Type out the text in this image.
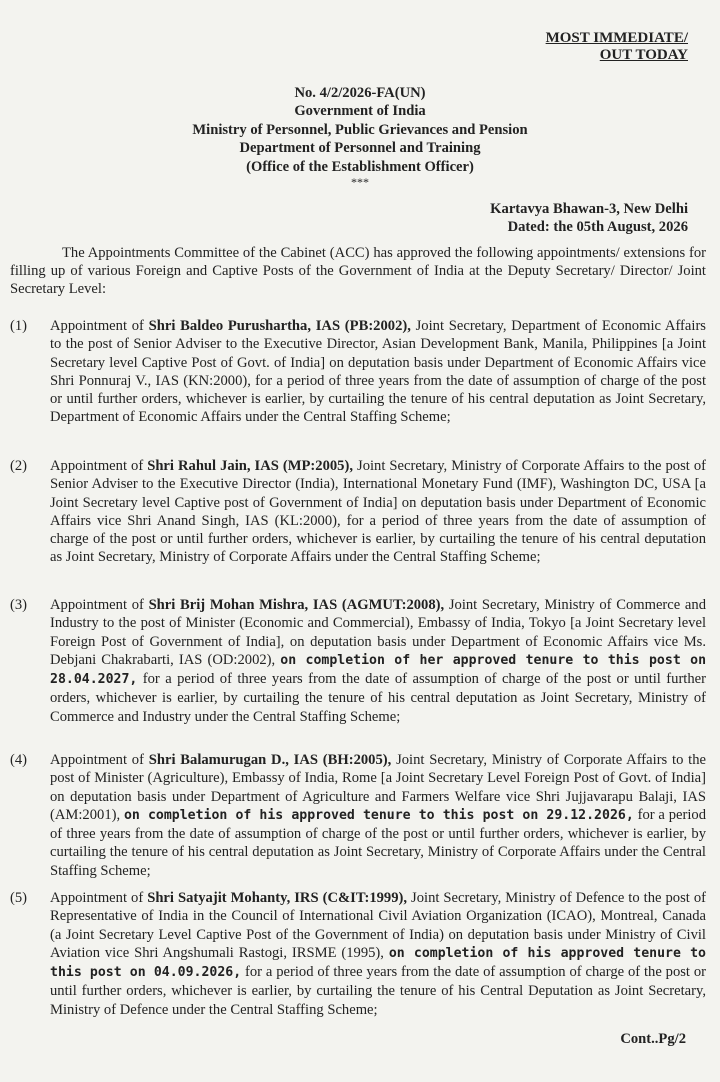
MOST IMMEDIATE/
OUT TODAY
No. 4/2/2026-FA(UN)
Government of India
Ministry of Personnel, Public Grievances and Pension
Department of Personnel and Training
(Office of the Establishment Officer)
***
Kartavya Bhawan-3, New Delhi
Dated: the 05th August, 2026
The Appointments Committee of the Cabinet (ACC) has approved the following appointments/ extensions for filling up of various Foreign and Captive Posts of the Government of India at the Deputy Secretary/ Director/ Joint Secretary Level:
(1)	Appointment of Shri Baldeo Purushartha, IAS (PB:2002), Joint Secretary, Department of Economic Affairs to the post of Senior Adviser to the Executive Director, Asian Development Bank, Manila, Philippines [a Joint Secretary level Captive Post of Govt. of India] on deputation basis under Department of Economic Affairs vice Shri Ponnuraj V., IAS (KN:2000), for a period of three years from the date of assumption of charge of the post or until further orders, whichever is earlier, by curtailing the tenure of his central deputation as Joint Secretary, Department of Economic Affairs under the Central Staffing Scheme;
(2)	Appointment of Shri Rahul Jain, IAS (MP:2005), Joint Secretary, Ministry of Corporate Affairs to the post of Senior Adviser to the Executive Director (India), International Monetary Fund (IMF), Washington DC, USA [a Joint Secretary level Captive post of Government of India] on deputation basis under Department of Economic Affairs vice Shri Anand Singh, IAS (KL:2000), for a period of three years from the date of assumption of charge of the post or until further orders, whichever is earlier, by curtailing the tenure of his central deputation as Joint Secretary, Ministry of Corporate Affairs under the Central Staffing Scheme;
(3)	Appointment of Shri Brij Mohan Mishra, IAS (AGMUT:2008), Joint Secretary, Ministry of Commerce and Industry to the post of Minister (Economic and Commercial), Embassy of India, Tokyo [a Joint Secretary level Foreign Post of Government of India], on deputation basis under Department of Economic Affairs vice Ms. Debjani Chakrabarti, IAS (OD:2002), on completion of her approved tenure to this post on 28.04.2027, for a period of three years from the date of assumption of charge of the post or until further orders, whichever is earlier, by curtailing the tenure of his central deputation as Joint Secretary, Ministry of Commerce and Industry under the Central Staffing Scheme;
(4)	Appointment of Shri Balamurugan D., IAS (BH:2005), Joint Secretary, Ministry of Corporate Affairs to the post of Minister (Agriculture), Embassy of India, Rome [a Joint Secretary Level Foreign Post of Govt. of India] on deputation basis under Department of Agriculture and Farmers Welfare vice Shri Jujjavarapu Balaji, IAS (AM:2001), on completion of his approved tenure to this post on 29.12.2026, for a period of three years from the date of assumption of charge of the post or until further orders, whichever is earlier, by curtailing the tenure of his central deputation as Joint Secretary, Ministry of Corporate Affairs under the Central Staffing Scheme;
(5)	Appointment of Shri Satyajit Mohanty, IRS (C&IT:1999), Joint Secretary, Ministry of Defence to the post of Representative of India in the Council of International Civil Aviation Organization (ICAO), Montreal, Canada (a Joint Secretary Level Captive Post of the Government of India) on deputation basis under Ministry of Civil Aviation vice Shri Angshumali Rastogi, IRSME (1995), on completion of his approved tenure to this post on 04.09.2026, for a period of three years from the date of assumption of charge of the post or until further orders, whichever is earlier, by curtailing the tenure of his Central Deputation as Joint Secretary, Ministry of Defence under the Central Staffing Scheme;
Cont..Pg/2
